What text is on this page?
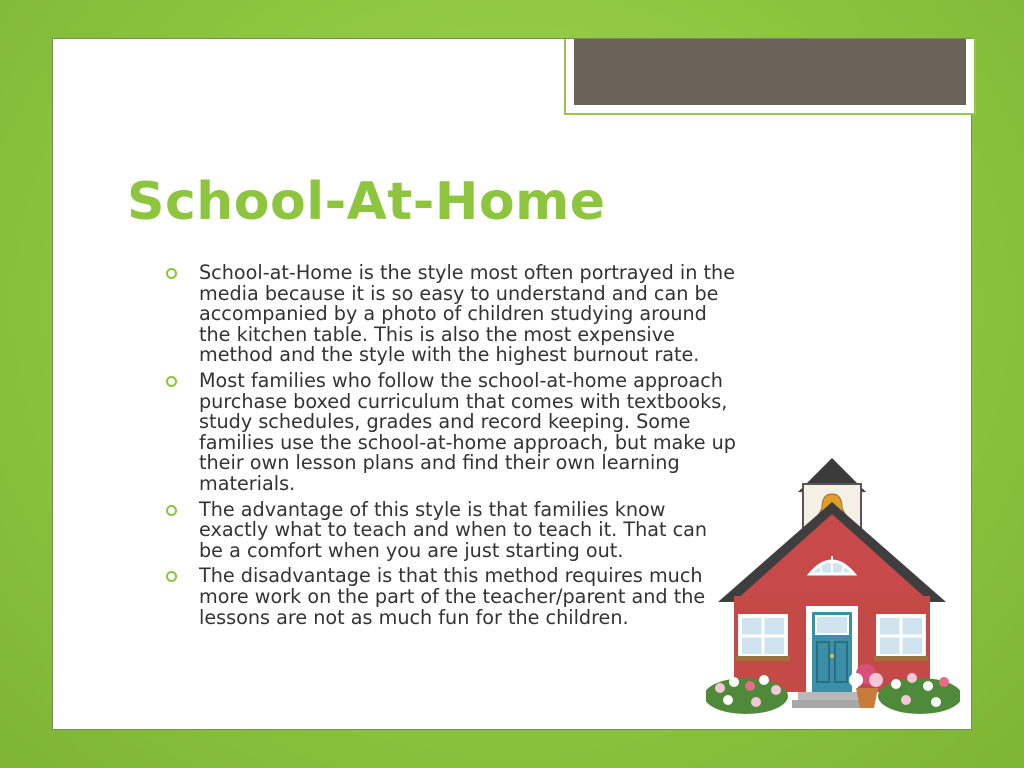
School-At-Home
School-at-Home is the style most often portrayed in the media because it is so easy to understand and can be accompanied by a photo of children studying around the kitchen table. This is also the most expensive method and the style with the highest burnout rate.
Most families who follow the school-at-home approach purchase boxed curriculum that comes with textbooks, study schedules, grades and record keeping. Some families use the school-at-home approach, but make up their own lesson plans and find their own learning materials.
The advantage of this style is that families know exactly what to teach and when to teach it. That can be a comfort when you are just starting out.
The disadvantage is that this method requires much more work on the part of the teacher/parent and the lessons are not as much fun for the children.
